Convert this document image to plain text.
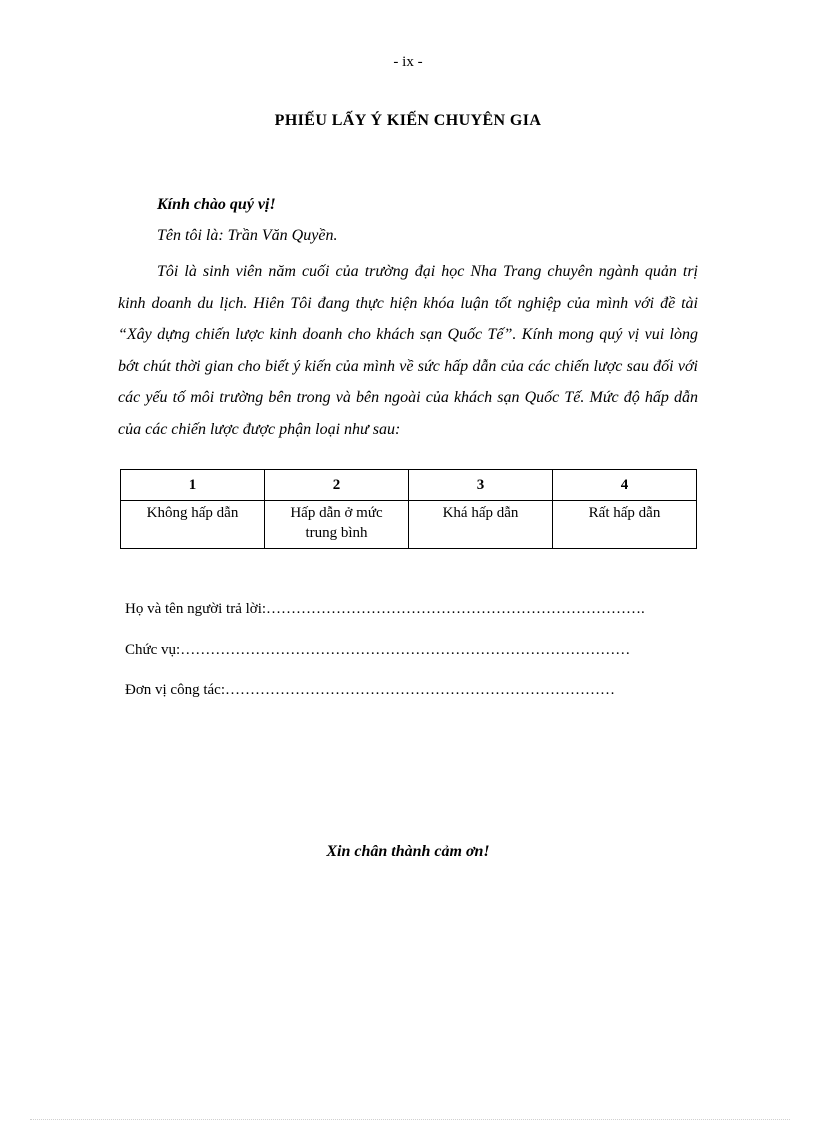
- ix -
PHIẾU LẤY Ý KIẾN CHUYÊN GIA
Kính chào quý vị!
Tên tôi là: Trần Văn Quyền.

Tôi là sinh viên năm cuối của trường đại học Nha Trang chuyên ngành quản trị kinh doanh du lịch. Hiên Tôi đang thực hiện khóa luận tốt nghiệp của mình với đề tài “Xây dựng chiến lược kinh doanh cho khách sạn Quốc Tế”. Kính mong quý vị vui lòng bớt chút thời gian cho biết ý kiến của mình về sức hấp dẫn của các chiến lược sau đối với các yếu tố môi trường bên trong và bên ngoài của khách sạn Quốc Tế. Mức độ hấp dẫn của các chiến lược được phận loại như sau:

1	2	3	4
Không hấp dẫn	Hấp dẫn ở mức trung bình	Khá hấp dẫn	Rất hấp dẫn
Họ và tên người trả lời:………………………………………………………………….
Chức vụ:………………………………………………………………………………
Đơn vị công tác:……………………………………………………………………
Xin chân thành cảm ơn!
